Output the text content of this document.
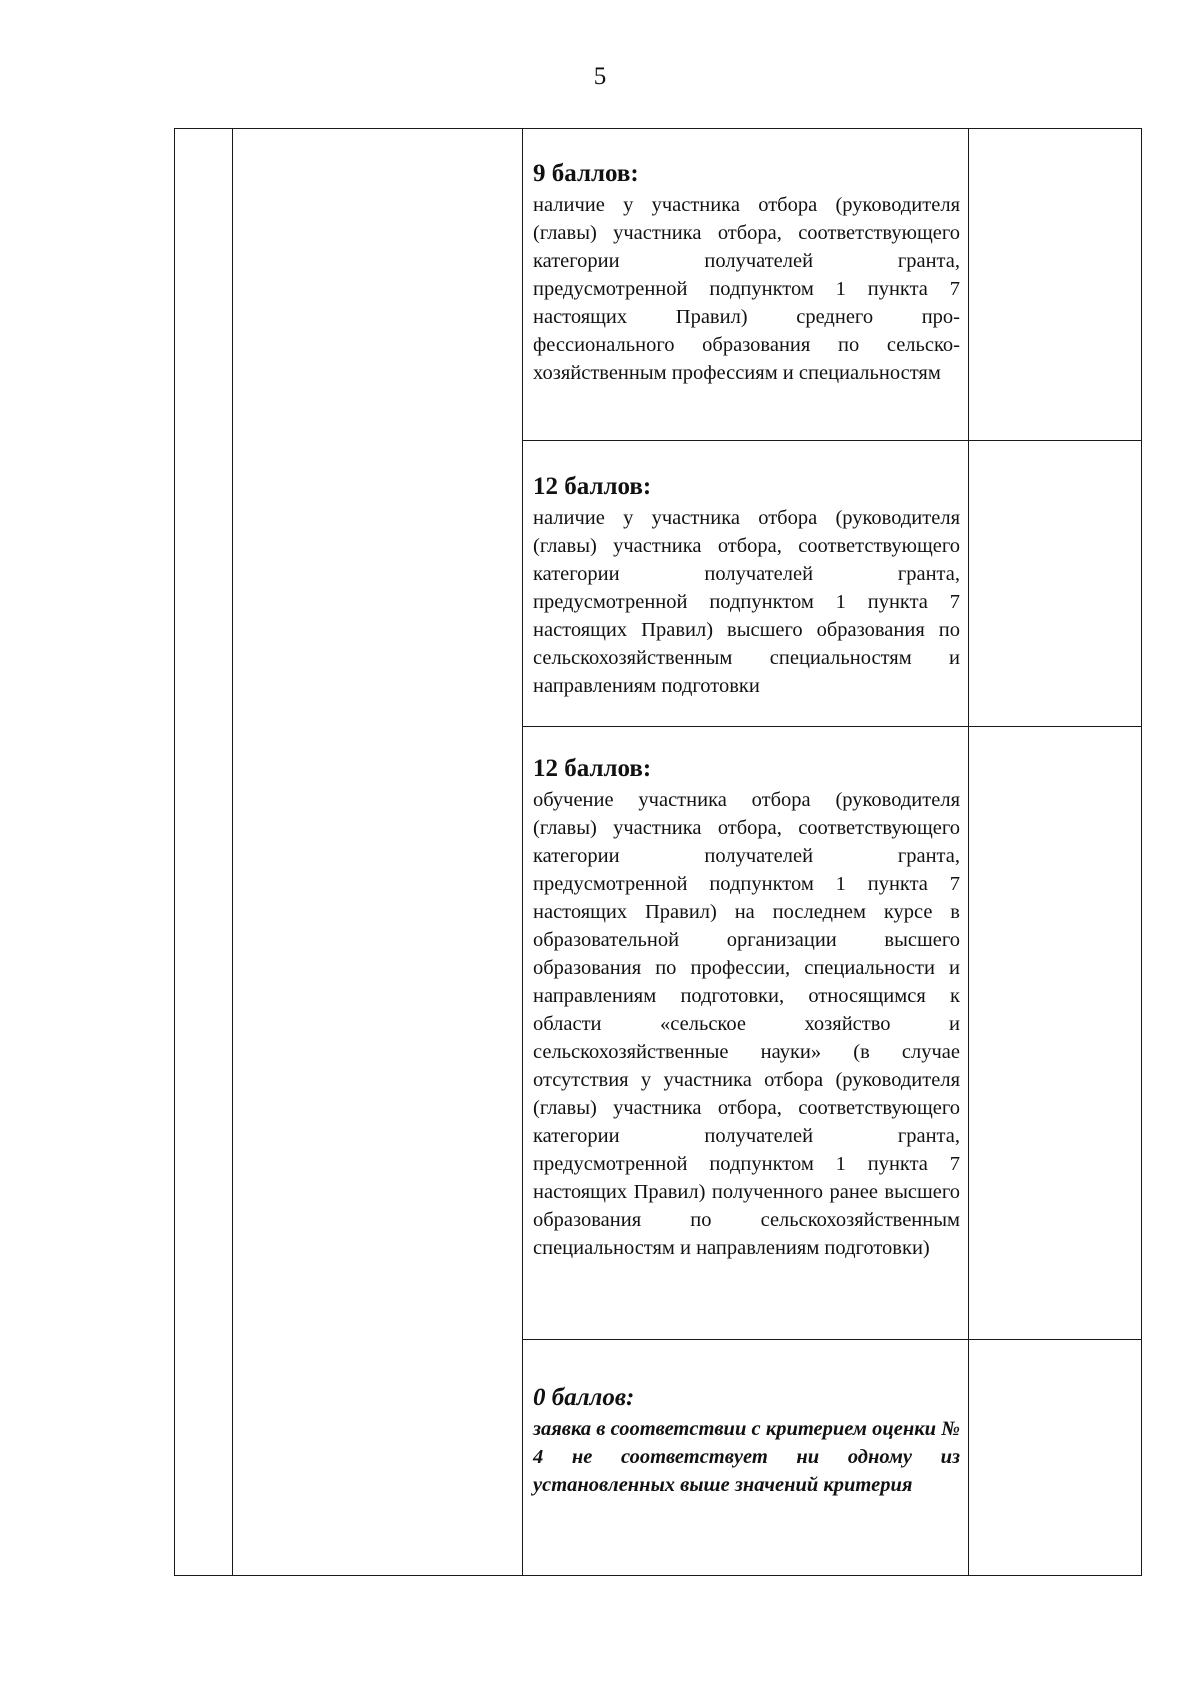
5
9 баллов:

наличие у участника отбора (руководителя (главы) участника отбора, соответствующего категории получателей гранта, предусмотренной подпунктом 1 пункта 7 настоящих Правил) среднего профессионального образования по сельскохозяйственным профессиям и специальностям

12 баллов:

наличие у участника отбора (руководителя (главы) участника отбора, соответствующего категории получателей гранта, предусмотренной подпунктом 1 пункта 7 настоящих Правил) высшего образования по сельскохозяйственным специальностям и направлениям подготовки

12 баллов:

обучение участника отбора (руководителя (главы) участника отбора, соответствующего категории получателей гранта, предусмотренной подпунктом 1 пункта 7 настоящих Правил) на последнем курсе в образовательной организации высшего образования по профессии, специальности и направлениям подготовки, относящимся к области «сельское хозяйство и сельскохозяйственные науки» (в случае отсутствия у участника отбора (руководителя (главы) участника отбора, соответствующего категории получателей гранта, предусмотренной подпунктом 1 пункта 7 настоящих Правил) полученного ранее высшего образования по сельскохозяйственным специальностям и направлениям подготовки)

0 баллов:

заявка в соответствии с критерием оценки № 4 не соответствует ни одному из установленных выше значений критерия
